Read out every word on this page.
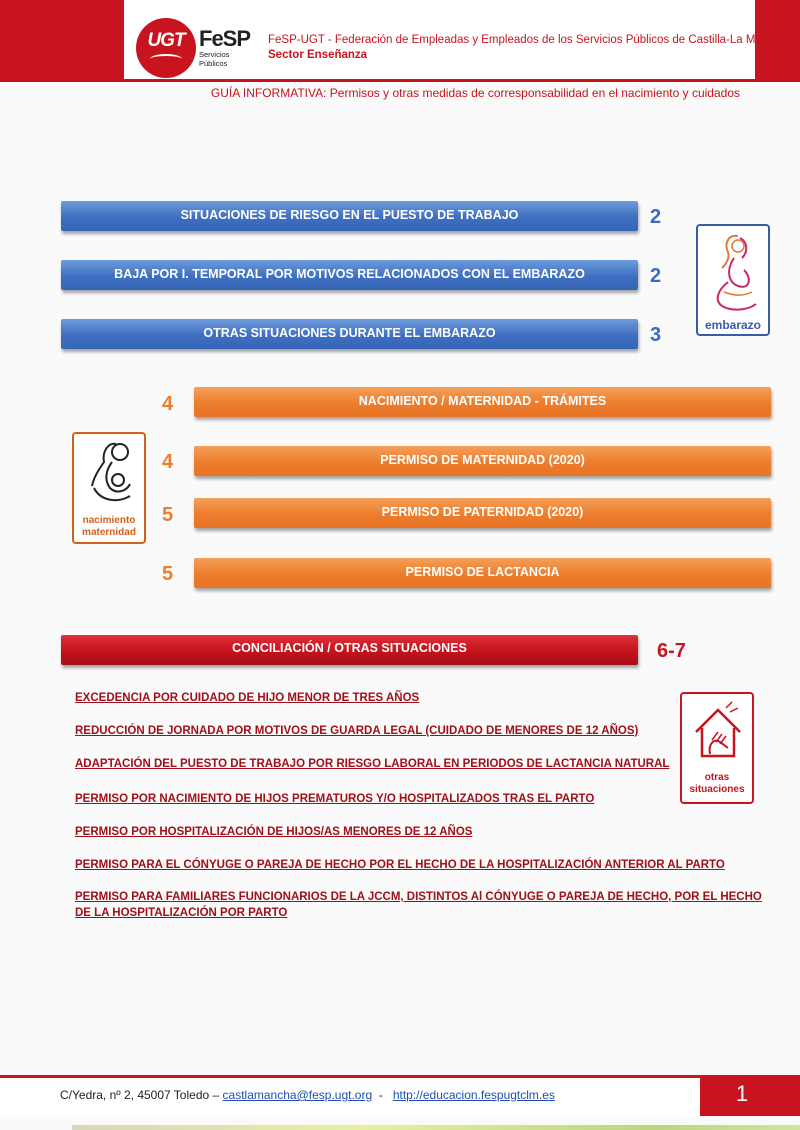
UGT FeSP
Servicios Públicos
FeSP-UGT - Federación de Empleadas y Empleados de los Servicios Públicos de Castilla-La Mancha
Sector Enseñanza
GUÍA INFORMATIVA: Permisos y otras medidas de corresponsabilidad en el nacimiento y cuidados
SITUACIONES DE RIESGO EN EL PUESTO DE TRABAJO	2
BAJA POR I. TEMPORAL POR MOTIVOS RELACIONADOS CON EL EMBARAZO	2
OTRAS SITUACIONES DURANTE EL EMBARAZO	3	embarazo
4	NACIMIENTO / MATERNIDAD - TRÁMITES
4	PERMISO DE MATERNIDAD (2020)
5	PERMISO DE PATERNIDAD (2020)
5	PERMISO DE LACTANCIA
nacimiento
maternidad
CONCILIACIÓN / OTRAS SITUACIONES	6-7
otras
situaciones
EXCEDENCIA POR CUIDADO DE HIJO MENOR DE TRES AÑOS
REDUCCIÓN DE JORNADA POR MOTIVOS DE GUARDA LEGAL (CUIDADO DE MENORES DE 12 AÑOS)
ADAPTACIÓN DEL PUESTO DE TRABAJO POR RIESGO LABORAL EN PERIODOS DE LACTANCIA NATURAL
PERMISO POR NACIMIENTO DE HIJOS PREMATUROS Y/O HOSPITALIZADOS TRAS EL PARTO
PERMISO POR HOSPITALIZACIÓN DE HIJOS/AS MENORES DE 12 AÑOS
PERMISO PARA EL CÓNYUGE O PAREJA DE HECHO POR EL HECHO DE LA HOSPITALIZACIÓN ANTERIOR AL PARTO
PERMISO PARA FAMILIARES FUNCIONARIOS DE LA JCCM, DISTINTOS Al CÓNYUGE O PAREJA DE HECHO, POR EL HECHO
DE LA HOSPITALIZACIÓN POR PARTO
1
C/Yedra, nº 2, 45007 Toledo – castlamancha@fesp.ugt.org - http://educacion.fespugtclm.es
